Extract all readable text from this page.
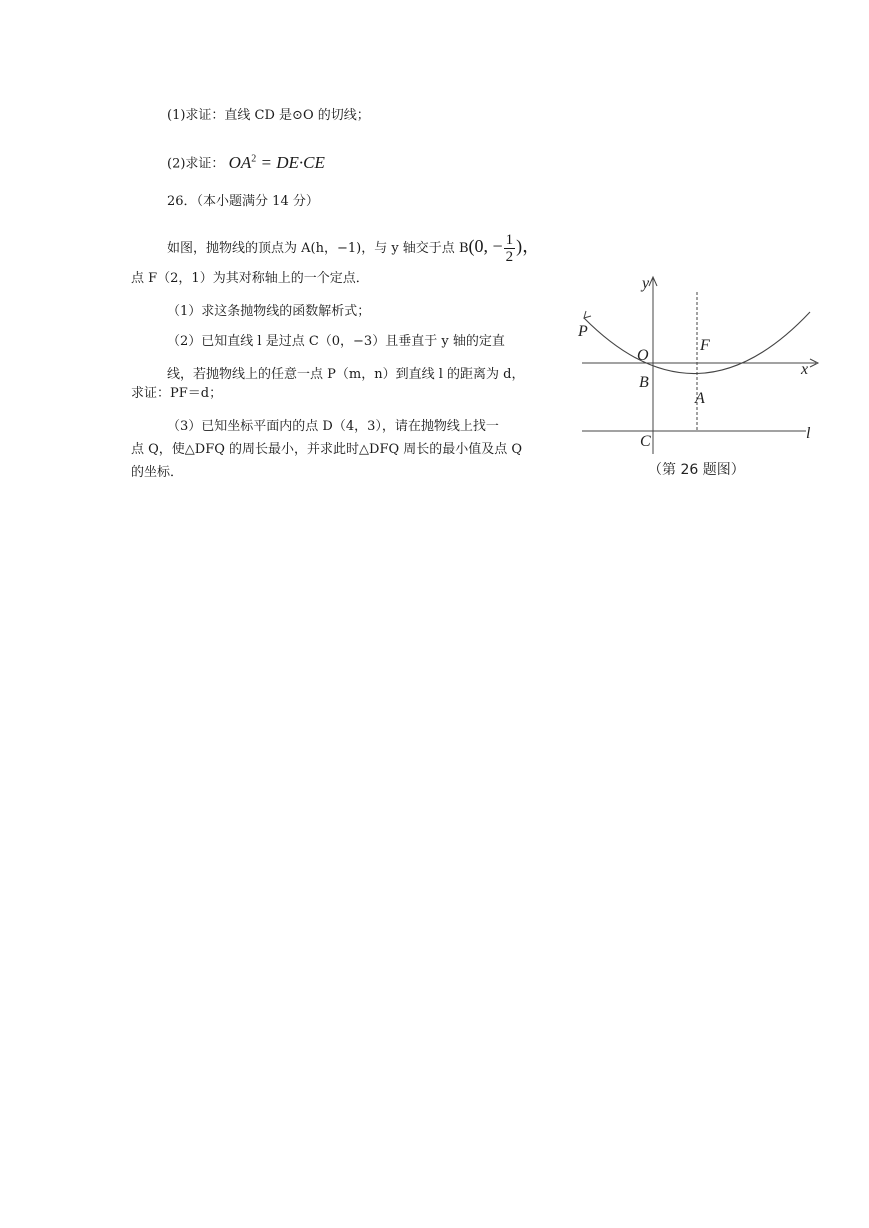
(1)求证：直线 CD 是⊙O 的切线；
(2)求证： $OA^2 = DE\cdot CE$
26．（本小题满分 14 分）
如图，抛物线的顶点为 A(h，−1)，与 y 轴交于点 B(0, − $\frac{1}{2}$ )，
点 F（2，1）为其对称轴上的一个定点．
（1）求这条抛物线的函数解析式；
（2）已知直线 l 是过点 C（0，−3）且垂直于 y 轴的定直
线，若抛物线上的任意一点 P（m，n）到直线 l 的距离为 d，
求证：PF＝d；
（3）已知坐标平面内的点 D（4，3），请在抛物线上找一
点 Q，使△DFQ 的周长最小，并求此时△DFQ 周长的最小值及点 Q
的坐标．
y
x
P
O
F
B
A
C	l
（第 26 题图）
